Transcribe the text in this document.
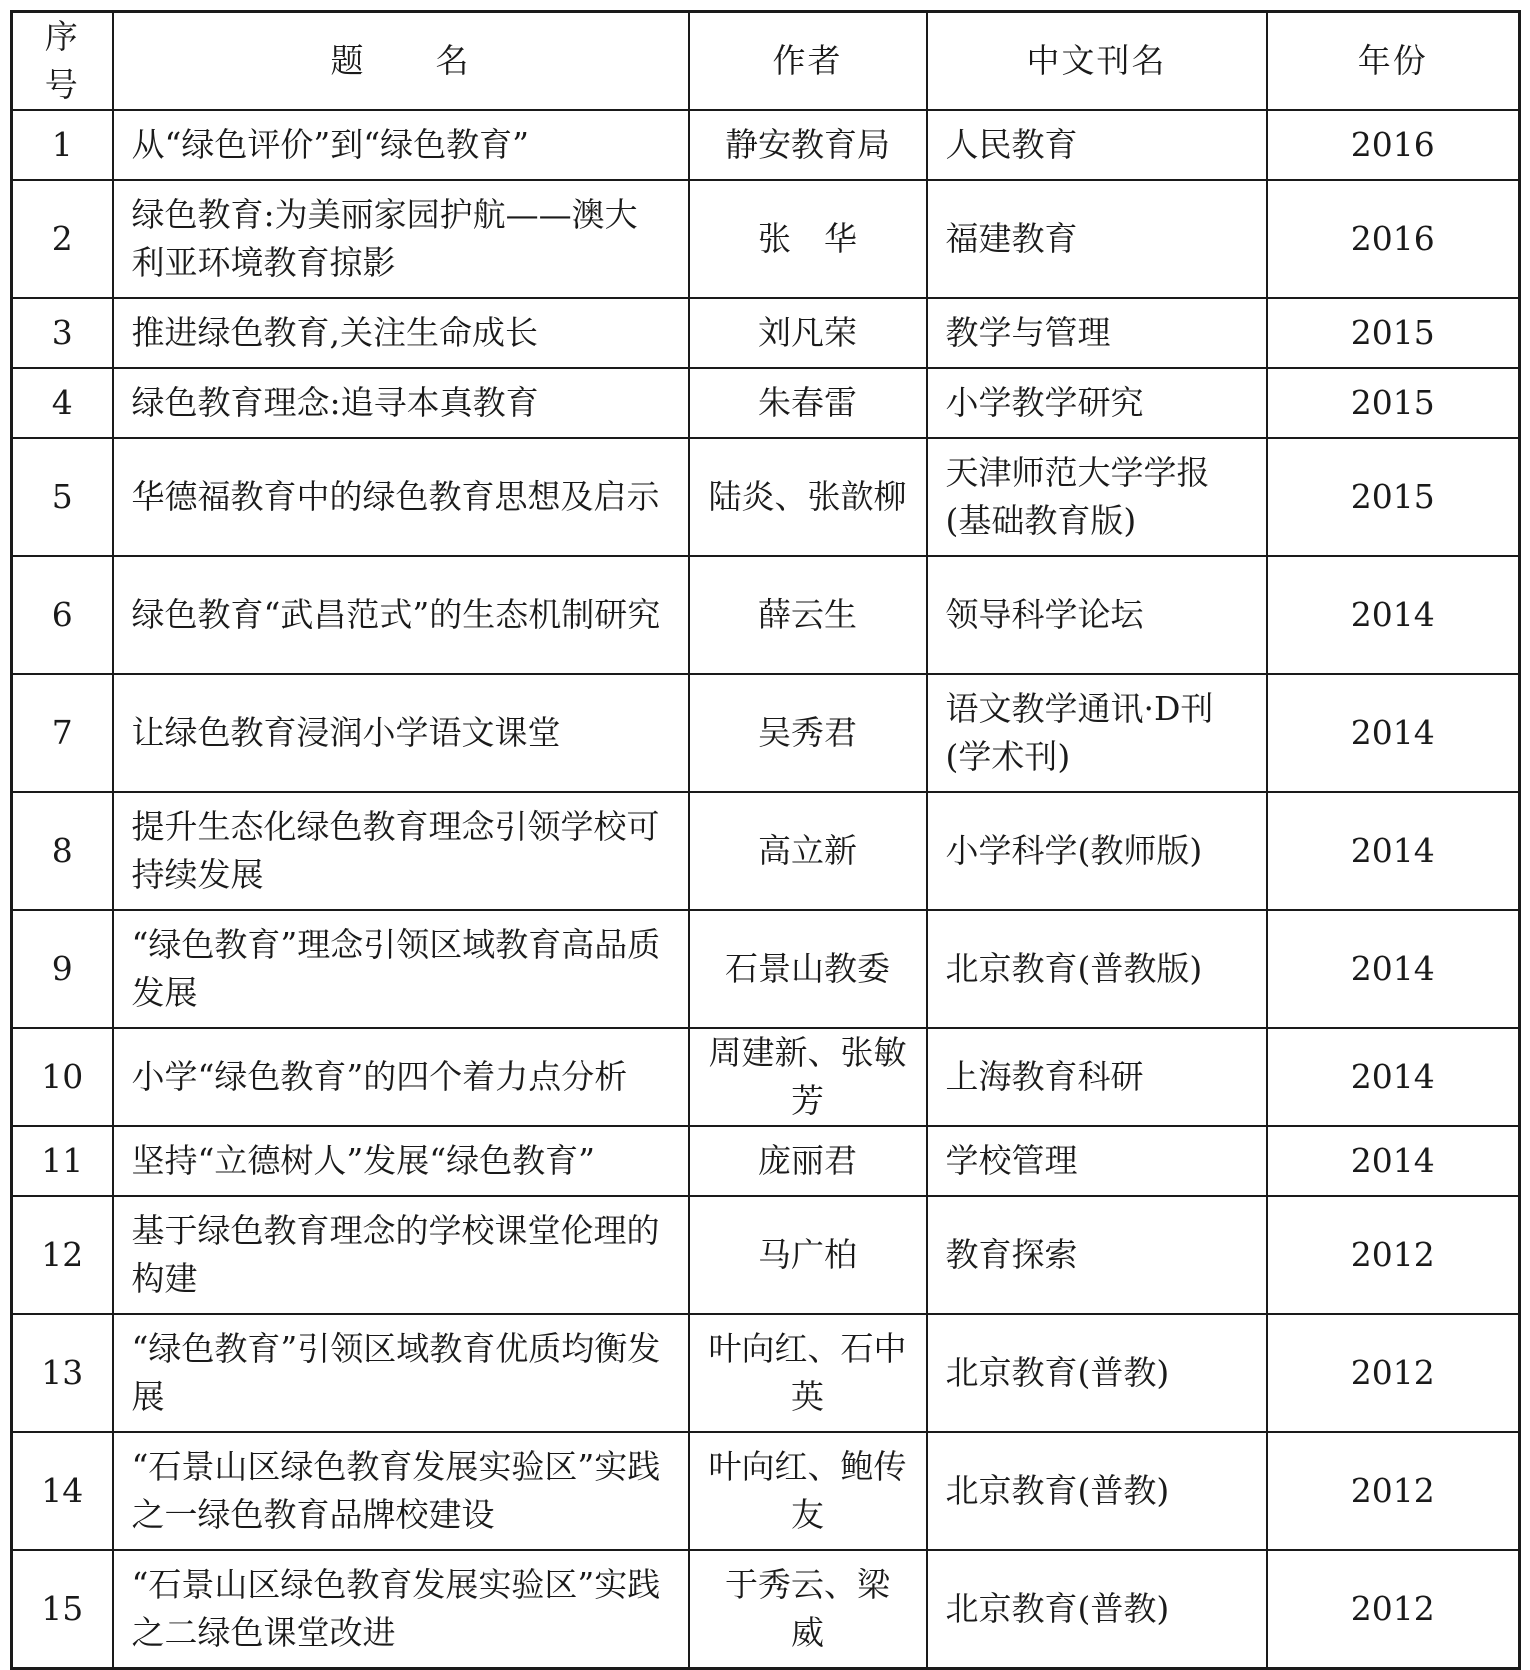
序号	题　　名	作者	中文刊名	年份
1	从“绿色评价”到“绿色教育”	静安教育局	人民教育	2016
2	绿色教育:为美丽家园护航——澳大利亚环境教育掠影	张　华	福建教育	2016
3	推进绿色教育,关注生命成长	刘凡荣	教学与管理	2015
4	绿色教育理念:追寻本真教育	朱春雷	小学教学研究	2015
5	华德福教育中的绿色教育思想及启示	陆炎、张歆柳	天津师范大学学报(基础教育版)	2015
6	绿色教育“武昌范式”的生态机制研究	薛云生	领导科学论坛	2014
7	让绿色教育浸润小学语文课堂	吴秀君	语文教学通讯·D刊(学术刊)	2014
8	提升生态化绿色教育理念引领学校可持续发展	高立新	小学科学(教师版)	2014
9	“绿色教育”理念引领区域教育高品质发展	石景山教委	北京教育(普教版)	2014
10	小学“绿色教育”的四个着力点分析	周建新、张敏芳	上海教育科研	2014
11	坚持“立德树人”发展“绿色教育”	庞丽君	学校管理	2014
12	基于绿色教育理念的学校课堂伦理的构建	马广柏	教育探索	2012
13	“绿色教育”引领区域教育优质均衡发展	叶向红、石中英	北京教育(普教)	2012
14	“石景山区绿色教育发展实验区”实践之一绿色教育品牌校建设	叶向红、鲍传友	北京教育(普教)	2012
15	“石景山区绿色教育发展实验区”实践之二绿色课堂改进	于秀云、梁　威	北京教育(普教)	2012
